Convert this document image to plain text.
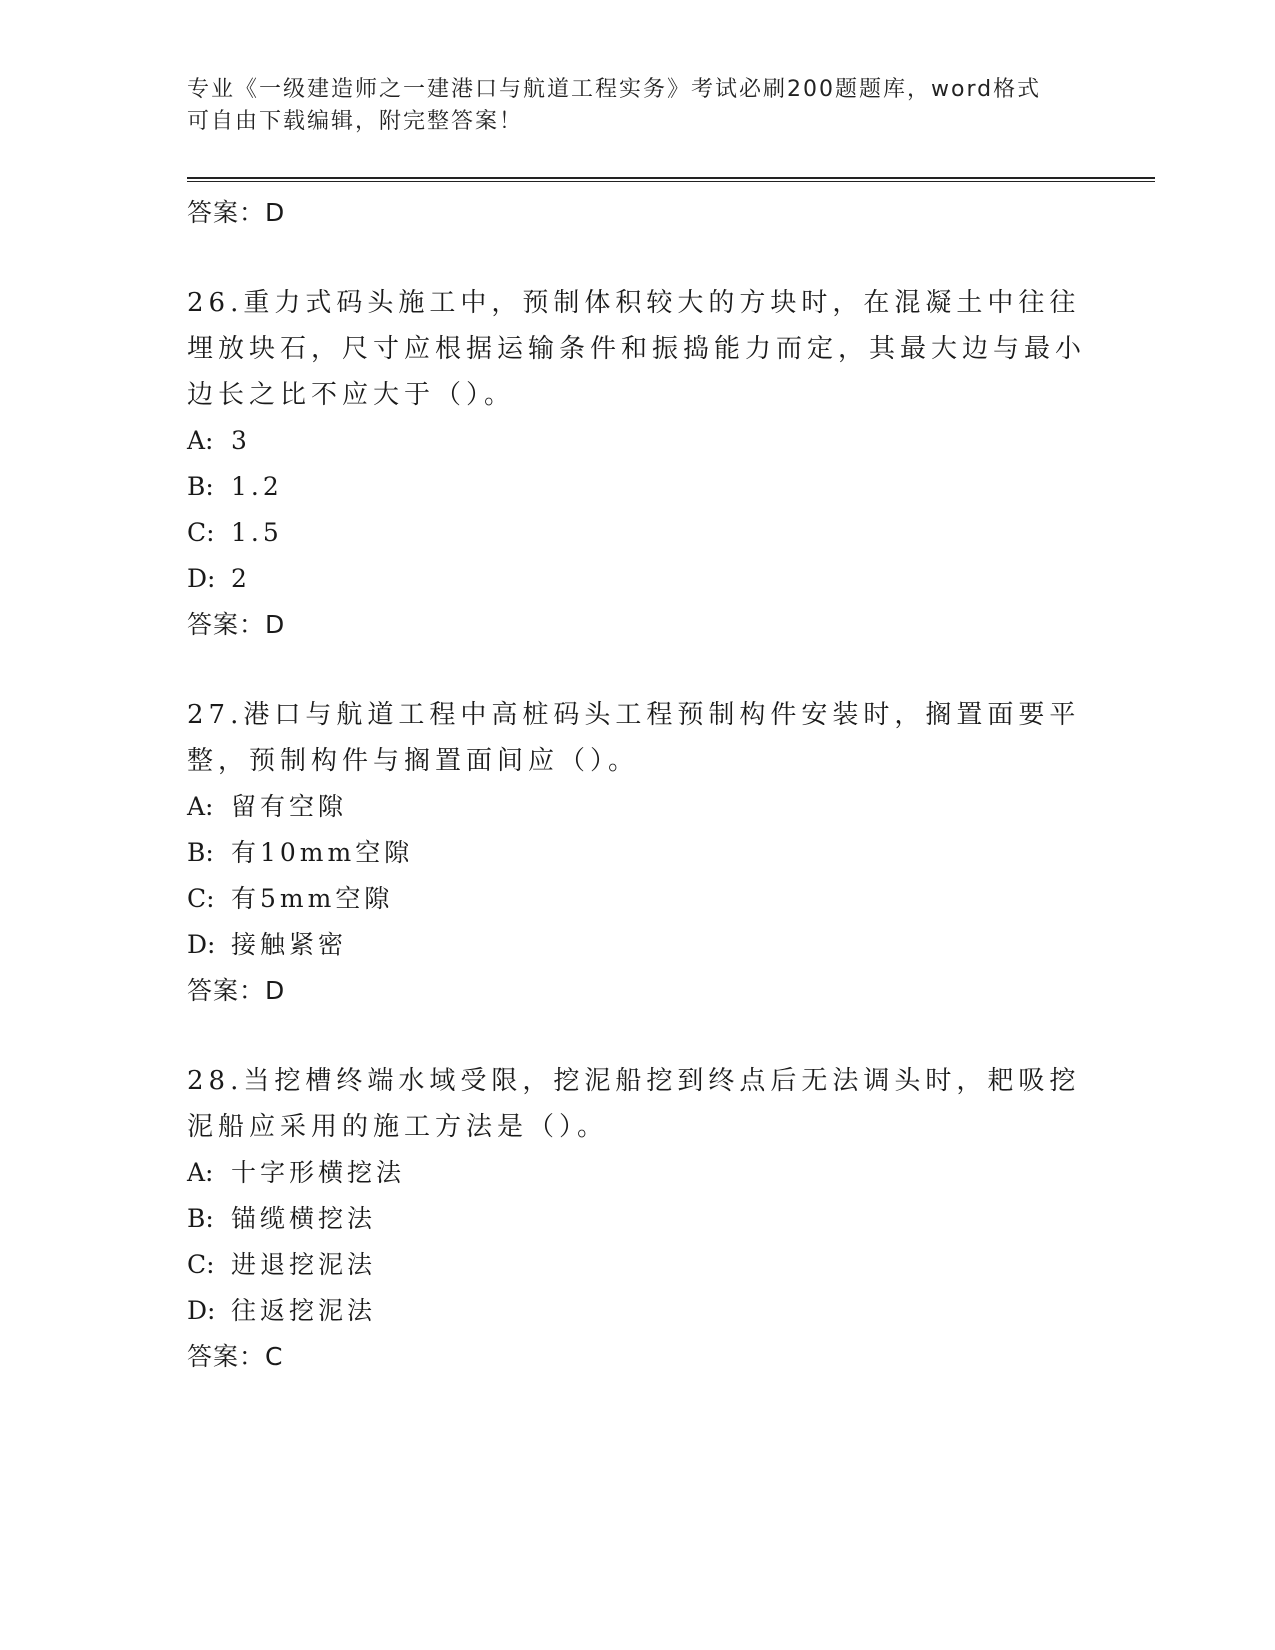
专业《一级建造师之一建港口与航道工程实务》考试必刷200题题库，word格式
可自由下载编辑，附完整答案！
答案：D
26.重力式码头施工中，预制体积较大的方块时，在混凝土中往往埋放块石，尺寸应根据运输条件和振捣能力而定，其最大边与最小边长之比不应大于（）。
A: 3
B: 1.2
C: 1.5
D: 2
答案：D
27.港口与航道工程中高桩码头工程预制构件安装时，搁置面要平整，预制构件与搁置面间应（）。
A: 留有空隙
B: 有10mm空隙
C: 有5mm空隙
D: 接触紧密
答案：D
28.当挖槽终端水域受限，挖泥船挖到终点后无法调头时，耙吸挖泥船应采用的施工方法是（）。
A: 十字形横挖法
B: 锚缆横挖法
C: 进退挖泥法
D: 往返挖泥法
答案：C
